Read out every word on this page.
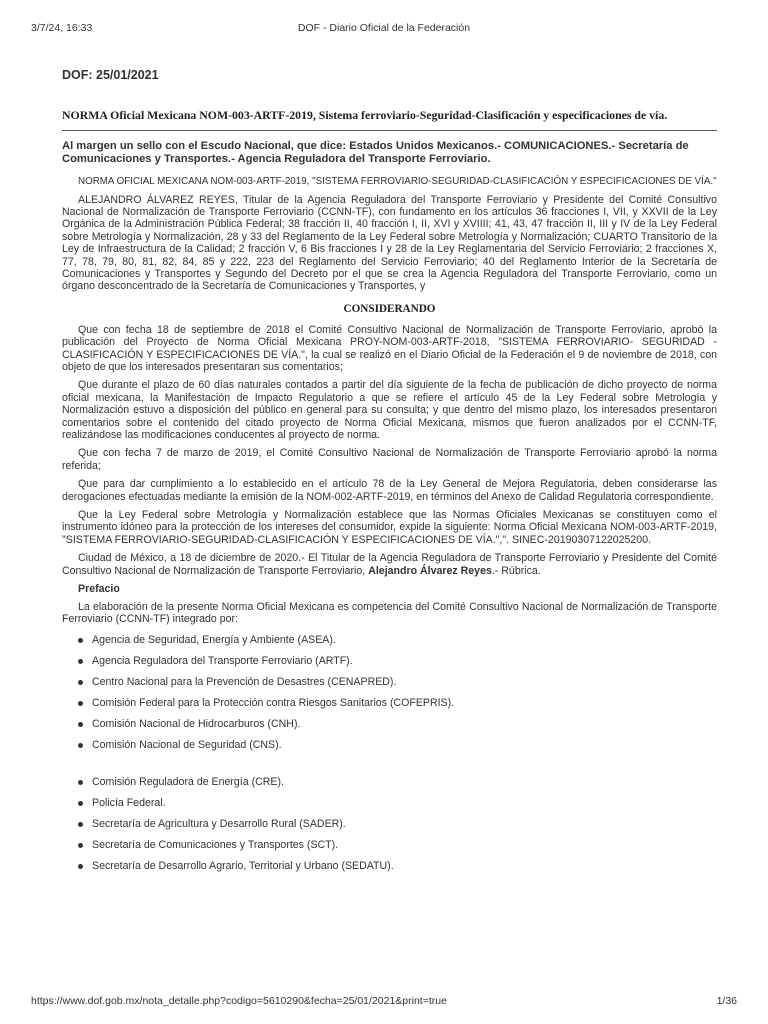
3/7/24, 16:33	DOF - Diario Oficial de la Federación
DOF: 25/01/2021
NORMA Oficial Mexicana NOM-003-ARTF-2019, Sistema ferroviario-Seguridad-Clasificación y especificaciones de vía.
Al margen un sello con el Escudo Nacional, que dice: Estados Unidos Mexicanos.- COMUNICACIONES.- Secretaría de Comunicaciones y Transportes.- Agencia Reguladora del Transporte Ferroviario.
NORMA OFICIAL MEXICANA NOM-003-ARTF-2019, "SISTEMA FERROVIARIO-SEGURIDAD-CLASIFICACIÓN Y ESPECIFICACIONES DE VÍA."

ALEJANDRO ÁLVAREZ REYES, Titular de la Agencia Reguladora del Transporte Ferroviario y Presidente del Comité Consultivo Nacional de Normalización de Transporte Ferroviario (CCNN-TF), con fundamento en los artículos 36 fracciones I, VII, y XXVII de la Ley Orgánica de la Administración Pública Federal; 38 fracción II, 40 fracción I, II, XVI y XVIIII; 41, 43, 47 fracción II, III y IV de la Ley Federal sobre Metrología y Normalización, 28 y 33 del Reglamento de la Ley Federal sobre Metrología y Normalización; CUARTO Transitorio de la Ley de Infraestructura de la Calidad; 2 fracción V, 6 Bis fracciones I y 28 de la Ley Reglamentaria del Servicio Ferroviario; 2 fracciones X, 77, 78, 79, 80, 81, 82, 84, 85 y 222, 223 del Reglamento del Servicio Ferroviario; 40 del Reglamento Interior de la Secretaría de Comunicaciones y Transportes y Segundo del Decreto por el que se crea la Agencia Reguladora del Transporte Ferroviario, como un órgano desconcentrado de la Secretaría de Comunicaciones y Transportes, y

CONSIDERANDO

Que con fecha 18 de septiembre de 2018 el Comité Consultivo Nacional de Normalización de Transporte Ferroviario, aprobó la publicación del Proyecto de Norma Oficial Mexicana PROY-NOM-003-ARTF-2018, "SISTEMA FERROVIARIO- SEGURIDAD - CLASIFICACIÓN Y ESPECIFICACIONES DE VÍA.", la cual se realizó en el Diario Oficial de la Federación el 9 de noviembre de 2018, con objeto de que los interesados presentaran sus comentarios;

Que durante el plazo de 60 días naturales contados a partir del día siguiente de la fecha de publicación de dicho proyecto de norma oficial mexicana, la Manifestación de Impacto Regulatorio a que se refiere el artículo 45 de la Ley Federal sobre Metrología y Normalización estuvo a disposición del público en general para su consulta; y que dentro del mismo plazo, los interesados presentaron comentarios sobre el contenido del citado proyecto de Norma Oficial Mexicana, mismos que fueron analizados por el CCNN-TF, realizándose las modificaciones conducentes al proyecto de norma.

Que con fecha 7 de marzo de 2019, el Comité Consultivo Nacional de Normalización de Transporte Ferroviario aprobó la norma referida;

Que para dar cumplimiento a lo establecido en el artículo 78 de la Ley General de Mejora Regulatoria, deben considerarse las derogaciones efectuadas mediante la emisión de la NOM-002-ARTF-2019, en términos del Anexo de Calidad Regulatoria correspondiente.

Que la Ley Federal sobre Metrología y Normalización establece que las Normas Oficiales Mexicanas se constituyen como el instrumento idóneo para la protección de los intereses del consumidor, expide la siguiente: Norma Oficial Mexicana NOM-003-ARTF-2019, "SISTEMA FERROVIARIO-SEGURIDAD-CLASIFICACIÓN Y ESPECIFICACIONES DE VÍA.",". SINEC-20190307122025200.

Ciudad de México, a 18 de diciembre de 2020.- El Titular de la Agencia Reguladora de Transporte Ferroviario y Presidente del Comité Consultivo Nacional de Normalización de Transporte Ferroviario, Alejandro Álvarez Reyes.- Rúbrica.

Prefacio

La elaboración de la presente Norma Oficial Mexicana es competencia del Comité Consultivo Nacional de Normalización de Transporte Ferroviario (CCNN-TF) integrado por:

Agencia de Seguridad, Energía y Ambiente (ASEA).
Agencia Reguladora del Transporte Ferroviario (ARTF).
Centro Nacional para la Prevención de Desastres (CENAPRED).
Comisión Federal para la Protección contra Riesgos Sanitarios (COFEPRIS).
Comisión Nacional de Hidrocarburos (CNH).
Comisión Nacional de Seguridad (CNS).
Comisión Reguladora de Energía (CRE).
Policía Federal.
Secretaría de Agricultura y Desarrollo Rural (SADER).
Secretaría de Comunicaciones y Transportes (SCT).
Secretaría de Desarrollo Agrario, Territorial y Urbano (SEDATU).
https://www.dof.gob.mx/nota_detalle.php?codigo=5610290&fecha=25/01/2021&print=true	1/36
